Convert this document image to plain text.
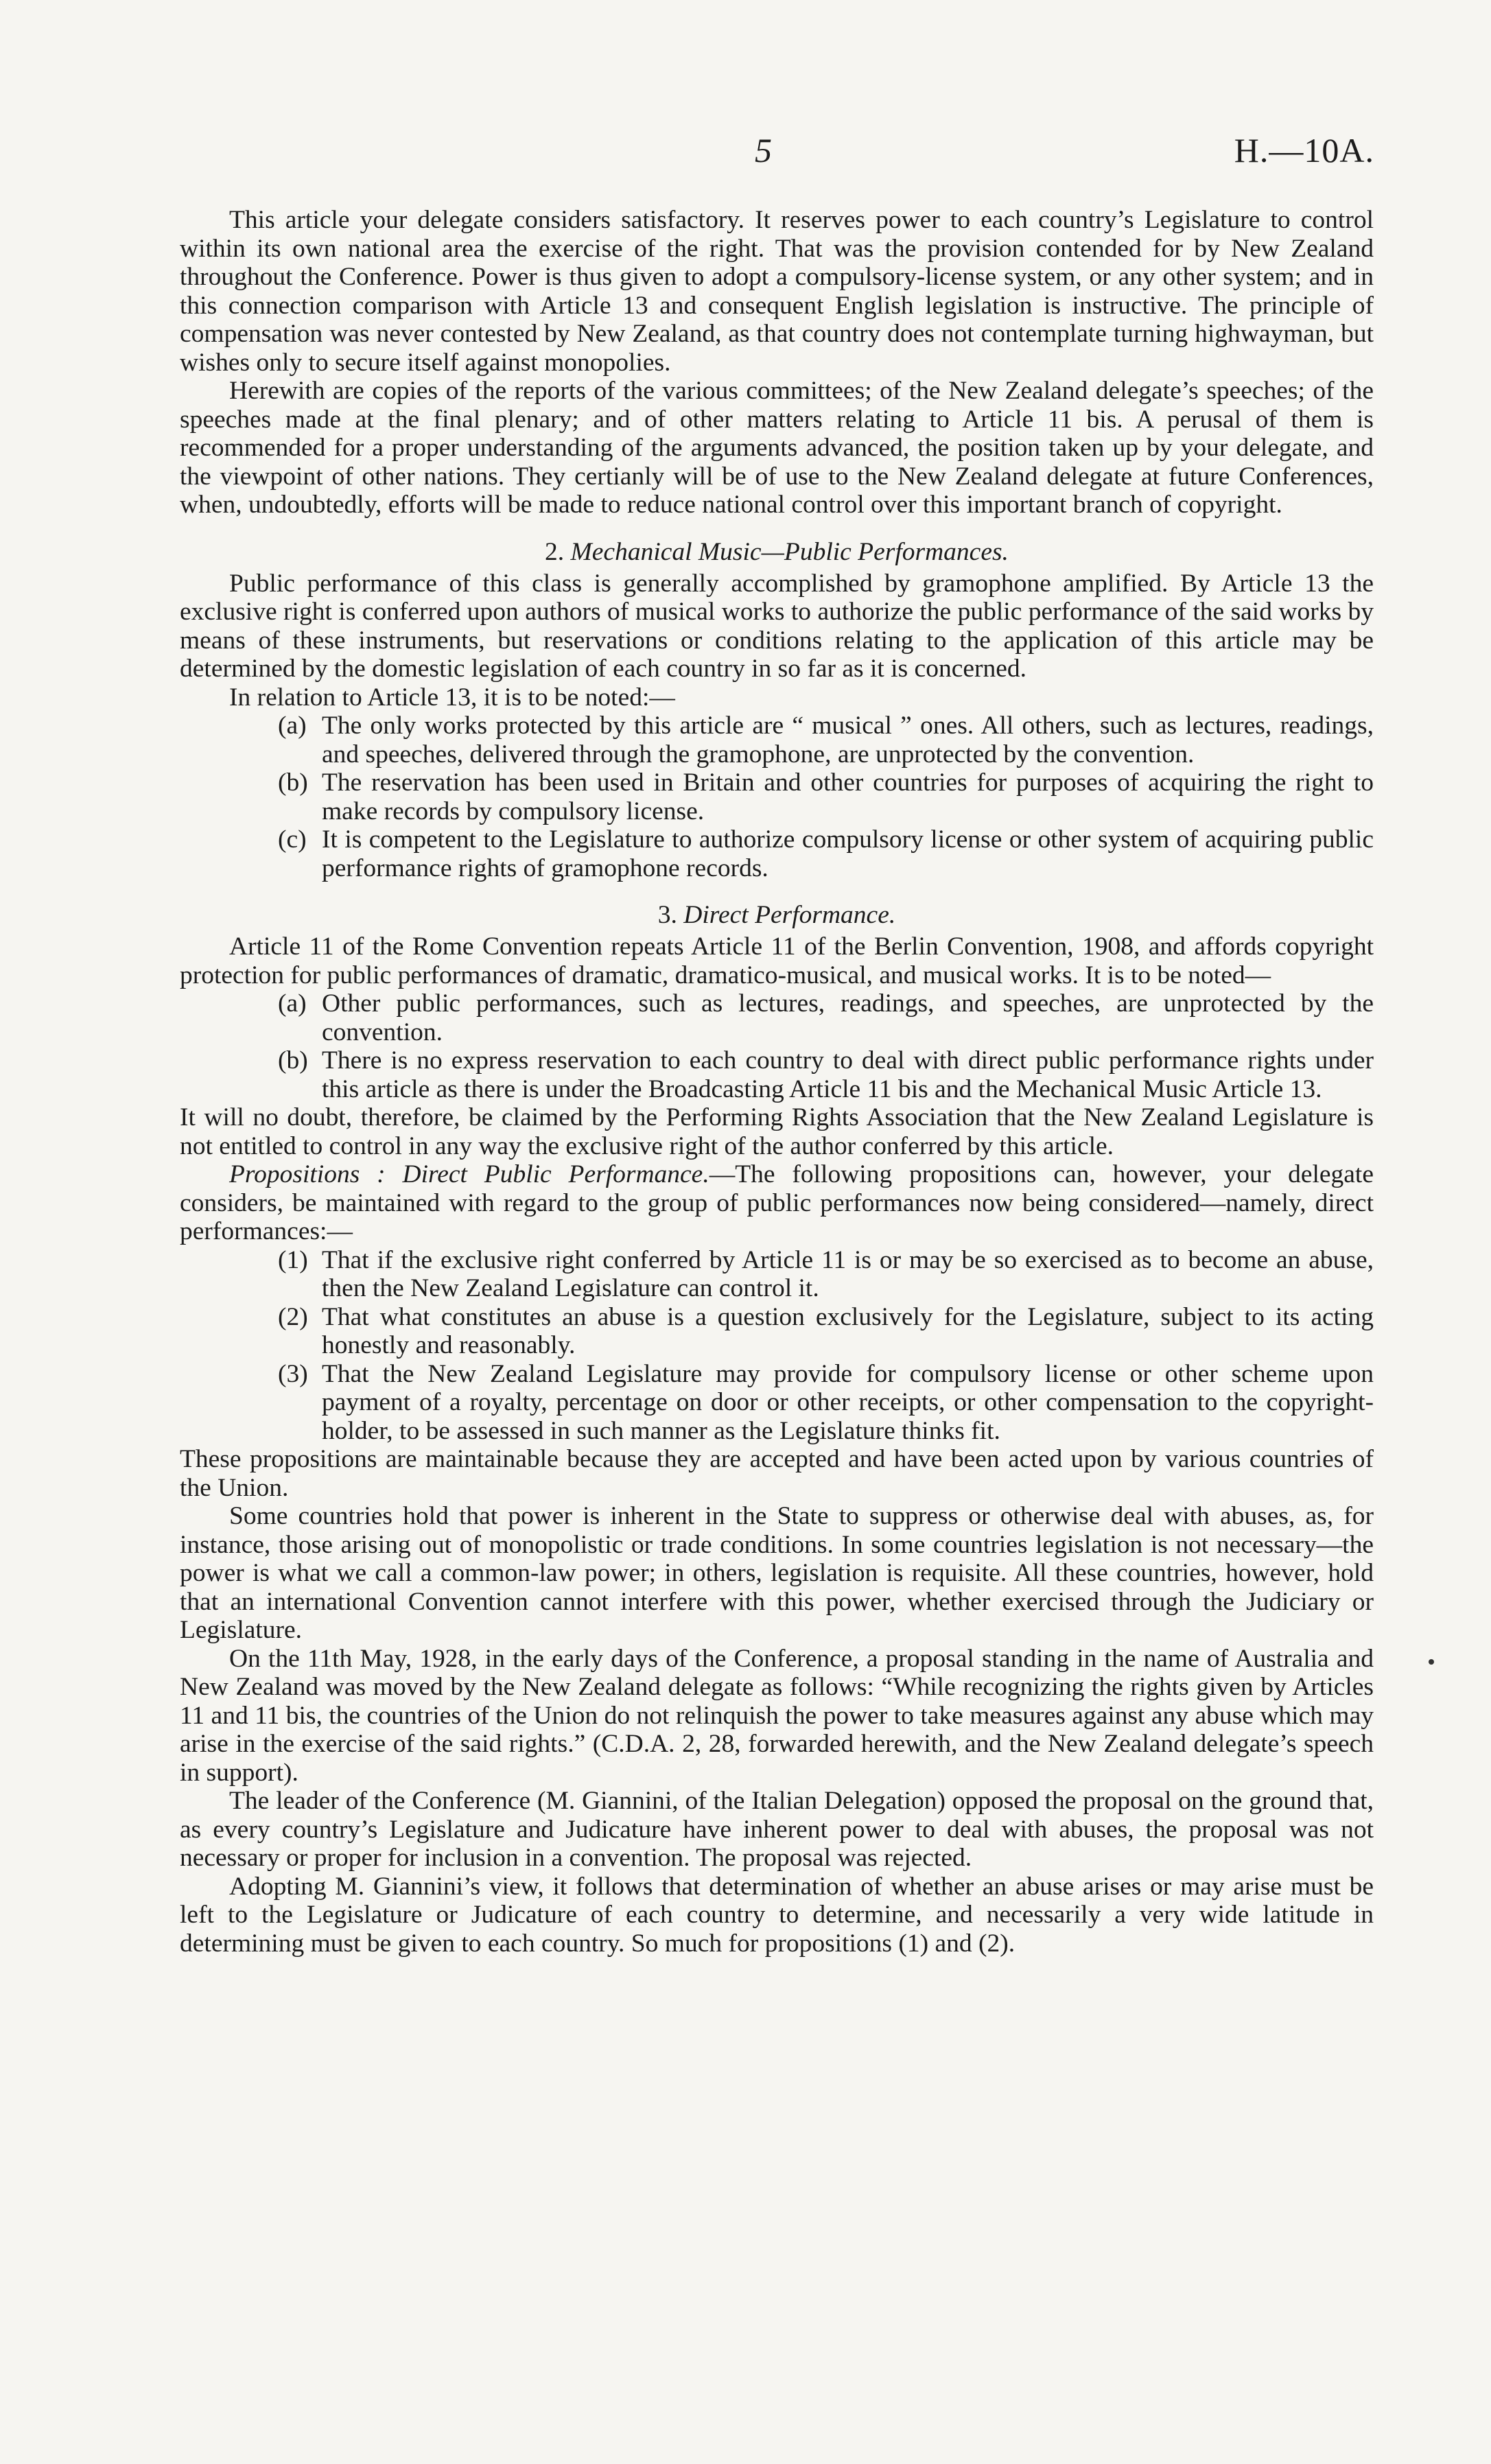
5	H.—10A.

This article your delegate considers satisfactory. It reserves power to each country’s Legislature to control within its own national area the exercise of the right. That was the provision contended for by New Zealand throughout the Conference. Power is thus given to adopt a compulsory-license system, or any other system; and in this connection comparison with Article 13 and consequent English legislation is instructive. The principle of compensation was never contested by New Zealand, as that country does not contemplate turning highwayman, but wishes only to secure itself against monopolies.

Herewith are copies of the reports of the various committees; of the New Zealand delegate’s speeches; of the speeches made at the final plenary; and of other matters relating to Article 11 bis. A perusal of them is recommended for a proper understanding of the arguments advanced, the position taken up by your delegate, and the viewpoint of other nations. They certianly will be of use to the New Zealand delegate at future Conferences, when, undoubtedly, efforts will be made to reduce national control over this important branch of copyright.

2. Mechanical Music—Public Performances.

Public performance of this class is generally accomplished by gramophone amplified. By Article 13 the exclusive right is conferred upon authors of musical works to authorize the public performance of the said works by means of these instruments, but reservations or conditions relating to the application of this article may be determined by the domestic legislation of each country in so far as it is concerned.

In relation to Article 13, it is to be noted:—

(a) The only works protected by this article are “ musical ” ones. All others, such as lectures, readings, and speeches, delivered through the gramophone, are unprotected by the convention.
(b) The reservation has been used in Britain and other countries for purposes of acquiring the right to make records by compulsory license.
(c) It is competent to the Legislature to authorize compulsory license or other system of acquiring public performance rights of gramophone records.
3. Direct Performance.

Article 11 of the Rome Convention repeats Article 11 of the Berlin Convention, 1908, and affords copyright protection for public performances of dramatic, dramatico-musical, and musical works. It is to be noted—

(a) Other public performances, such as lectures, readings, and speeches, are unprotected by the convention.
(b) There is no express reservation to each country to deal with direct public performance rights under this article as there is under the Broadcasting Article 11 bis and the Mechanical Music Article 13.

It will no doubt, therefore, be claimed by the Performing Rights Association that the New Zealand Legislature is not entitled to control in any way the exclusive right of the author conferred by this article.

Propositions : Direct Public Performance.—The following propositions can, however, your delegate considers, be maintained with regard to the group of public performances now being considered—namely, direct performances:—

(1) That if the exclusive right conferred by Article 11 is or may be so exercised as to become an abuse, then the New Zealand Legislature can control it.
(2) That what constitutes an abuse is a question exclusively for the Legislature, subject to its acting honestly and reasonably.
(3) That the New Zealand Legislature may provide for compulsory license or other scheme upon payment of a royalty, percentage on door or other receipts, or other compensation to the copyright-holder, to be assessed in such manner as the Legislature thinks fit.

These propositions are maintainable because they are accepted and have been acted upon by various countries of the Union.

Some countries hold that power is inherent in the State to suppress or otherwise deal with abuses, as, for instance, those arising out of monopolistic or trade conditions. In some countries legislation is not necessary—the power is what we call a common-law power; in others, legislation is requisite. All these countries, however, hold that an international Convention cannot interfere with this power, whether exercised through the Judiciary or Legislature.

On the 11th May, 1928, in the early days of the Conference, a proposal standing in the name of Australia and New Zealand was moved by the New Zealand delegate as follows: “While recognizing the rights given by Articles 11 and 11 bis, the countries of the Union do not relinquish the power to take measures against any abuse which may arise in the exercise of the said rights.” (C.D.A. 2, 28, forwarded herewith, and the New Zealand delegate’s speech in support).

The leader of the Conference (M. Giannini, of the Italian Delegation) opposed the proposal on the ground that, as every country’s Legislature and Judicature have inherent power to deal with abuses, the proposal was not necessary or proper for inclusion in a convention. The proposal was rejected.

Adopting M. Giannini’s view, it follows that determination of whether an abuse arises or may arise must be left to the Legislature or Judicature of each country to determine, and necessarily a very wide latitude in determining must be given to each country. So much for propositions (1) and (2).
